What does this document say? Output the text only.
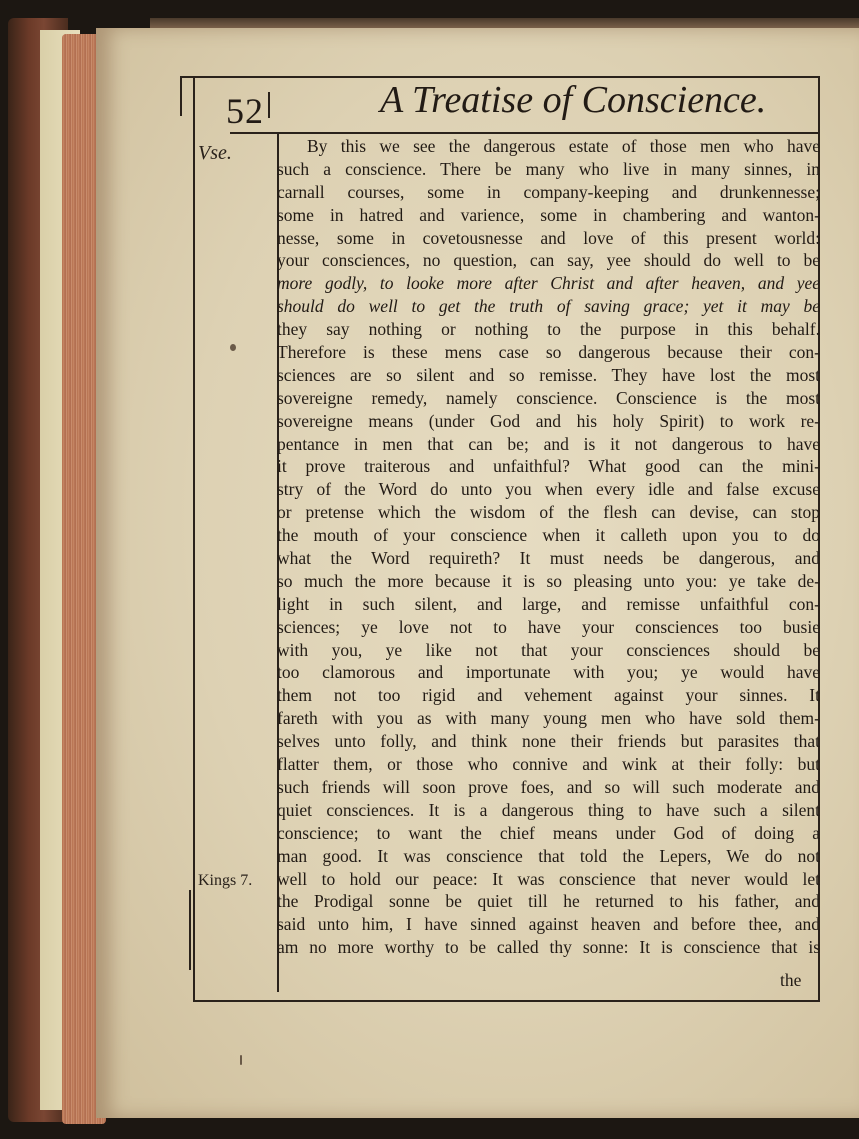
52	A Treatise of Conscience.
Vse.
Kings 7.
By this we see the dangerous estate of those men who have
such a conscience. There be many who live in many sinnes, in
carnall courses, some in company-keeping and drunkennesse;
some in hatred and varience, some in chambering and wanton-
nesse, some in covetousnesse and love of this present world:
your consciences, no question, can say, yee should do well to be
more godly, to looke more after Christ and after heaven, and yee
should do well to get the truth of saving grace; yet it may be
they say nothing or nothing to the purpose in this behalf.
Therefore is these mens case so dangerous because their con-
sciences are so silent and so remisse. They have lost the most
sovereigne remedy, namely conscience. Conscience is the most
sovereigne means (under God and his holy Spirit) to work re-
pentance in men that can be; and is it not dangerous to have
it prove traiterous and unfaithful? What good can the mini-
stry of the Word do unto you when every idle and false excuse
or pretense which the wisdom of the flesh can devise, can stop
the mouth of your conscience when it calleth upon you to do
what the Word requireth? It must needs be dangerous, and
so much the more because it is so pleasing unto you: ye take de-
light in such silent, and large, and remisse unfaithful con-
sciences; ye love not to have your consciences too busie
with you, ye like not that your consciences should be
too clamorous and importunate with you; ye would have
them not too rigid and vehement against your sinnes. It
fareth with you as with many young men who have sold them-
selves unto folly, and think none their friends but parasites that
flatter them, or those who connive and wink at their folly: but
such friends will soon prove foes, and so will such moderate and
quiet consciences. It is a dangerous thing to have such a silent
conscience; to want the chief means under God of doing a
man good. It was conscience that told the Lepers, We do not
well to hold our peace: It was conscience that never would let
the Prodigal sonne be quiet till he returned to his father, and
said unto him, I have sinned against heaven and before thee, and
am no more worthy to be called thy sonne: It is conscience that is
the
